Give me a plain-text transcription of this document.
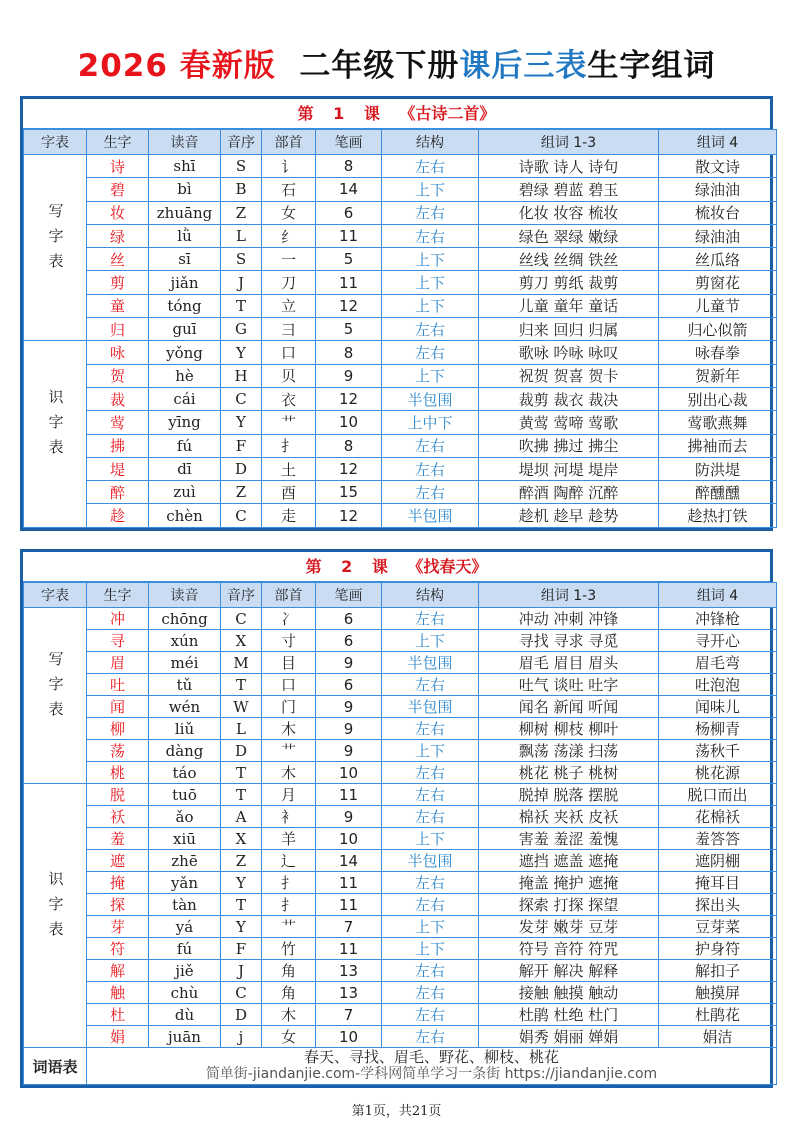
2026 春新版 二年级下册课后三表生字组词
第 1 课 《古诗二首》
字表	生字	读音	音序	部首	笔画	结构	组词 1-3	组词 4
写字表	诗	shī	S	讠	8	左右	诗歌 诗人 诗句	散文诗
	碧	bì	B	石	14	上下	碧绿 碧蓝 碧玉	绿油油
	妆	zhuāng	Z	女	6	左右	化妆 妆容 梳妆	梳妆台
	绿	lǜ	L	纟	11	左右	绿色 翠绿 嫩绿	绿油油
	丝	sī	S	一	5	上下	丝线 丝绸 铁丝	丝瓜络
	剪	jiǎn	J	刀	11	上下	剪刀 剪纸 裁剪	剪窗花
	童	tóng	T	立	12	上下	儿童 童年 童话	儿童节
	归	guī	G	彐	5	左右	归来 回归 归属	归心似箭
识字表	咏	yǒng	Y	口	8	左右	歌咏 吟咏 咏叹	咏春拳
	贺	hè	H	贝	9	上下	祝贺 贺喜 贺卡	贺新年
	裁	cái	C	衣	12	半包围	裁剪 裁衣 裁决	别出心裁
	莺	yīng	Y	艹	10	上中下	黄莺 莺啼 莺歌	莺歌燕舞
	拂	fú	F	扌	8	左右	吹拂 拂过 拂尘	拂袖而去
	堤	dī	D	土	12	左右	堤坝 河堤 堤岸	防洪堤
	醉	zuì	Z	酉	15	左右	醉酒 陶醉 沉醉	醉醺醺
	趁	chèn	C	走	12	半包围	趁机 趁早 趁势	趁热打铁
第 2 课 《找春天》
字表	生字	读音	音序	部首	笔画	结构	组词 1-3	组词 4
写字表	冲	chōng	C	冫	6	左右	冲动 冲刺 冲锋	冲锋枪
	寻	xún	X	寸	6	上下	寻找 寻求 寻觅	寻开心
	眉	méi	M	目	9	半包围	眉毛 眉目 眉头	眉毛弯
	吐	tǔ	T	口	6	左右	吐气 谈吐 吐字	吐泡泡
	闻	wén	W	门	9	半包围	闻名 新闻 听闻	闻味儿
	柳	liǔ	L	木	9	左右	柳树 柳枝 柳叶	杨柳青
	荡	dàng	D	艹	9	上下	飘荡 荡漾 扫荡	荡秋千
	桃	táo	T	木	10	左右	桃花 桃子 桃树	桃花源
识字表	脱	tuō	T	月	11	左右	脱掉 脱落 摆脱	脱口而出
	袄	ǎo	A	衤	9	左右	棉袄 夹袄 皮袄	花棉袄
	羞	xiū	X	羊	10	上下	害羞 羞涩 羞愧	羞答答
	遮	zhē	Z	辶	14	半包围	遮挡 遮盖 遮掩	遮阴棚
	掩	yǎn	Y	扌	11	左右	掩盖 掩护 遮掩	掩耳目
	探	tàn	T	扌	11	左右	探索 打探 探望	探出头
	芽	yá	Y	艹	7	上下	发芽 嫩芽 豆芽	豆芽菜
	符	fú	F	竹	11	上下	符号 音符 符咒	护身符
	解	jiě	J	角	13	左右	解开 解决 解释	解扣子
	触	chù	C	角	13	左右	接触 触摸 触动	触摸屏
	杜	dù	D	木	7	左右	杜鹃 杜绝 杜门	杜鹃花
	娟	juān	j	女	10	左右	娟秀 娟丽 婵娟	娟洁
词语表	春天、寻找、眉毛、野花、柳枝、桃花
简单街-jiandanjie.com-学科网简单学习一条街 https://jiandanjie.com							
第1页，共21页
